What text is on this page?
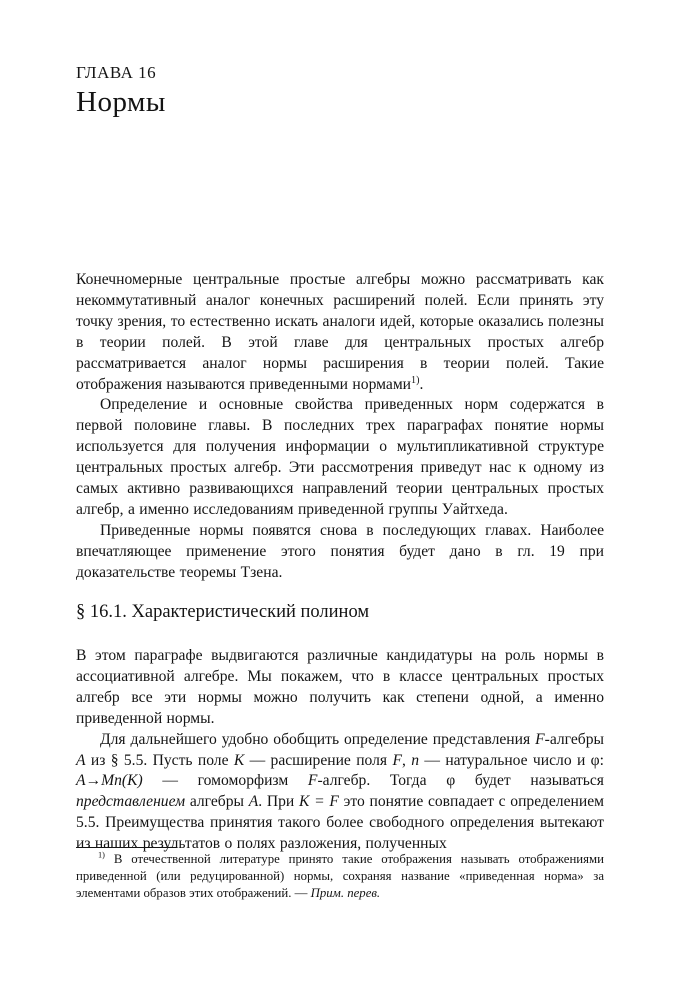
ГЛАВА 16
Нормы

Конечномерные центральные простые алгебры можно рассматривать как некоммутативный аналог конечных расширений полей. Если принять эту точку зрения, то естественно искать аналоги идей, которые оказались полезны в теории полей. В этой главе для центральных простых алгебр рассматривается аналог нормы расширения в теории полей. Такие отображения называются приведенными нормами$^{1)}$.

Определение и основные свойства приведенных норм содержатся в первой половине главы. В последних трех параграфах понятие нормы используется для получения информации о мультипликативной структуре центральных простых алгебр. Эти рассмотрения приведут нас к одному из самых активно развивающихся направлений теории центральных простых алгебр, а именно исследованиям приведенной группы Уайтхеда.

Приведенные нормы появятся снова в последующих главах. Наиболее впечатляющее применение этого понятия будет дано в гл. 19 при доказательстве теоремы Тзена.

§ 16.1. Характеристический полином

В этом параграфе выдвигаются различные кандидатуры на роль нормы в ассоциативной алгебре. Мы покажем, что в классе центральных простых алгебр все эти нормы можно получить как степени одной, а именно приведенной нормы.

Для дальнейшего удобно обобщить определение представления F-алгебры A из § 5.5. Пусть поле K — расширение поля F, n — натуральное число и φ: A→Mn(K) — гомоморфизм F-алгебр. Тогда φ будет называться представлением алгебры A. При K = F это понятие совпадает с определением 5.5. Преимущества принятия такого более свободного определения вытекают из наших результатов о полях разложения, полученных

$^{1)}$ В отечественной литературе принято такие отображения называть отображениями приведенной (или редуцированной) нормы, сохраняя название «приведенная норма» за элементами образов этих отображений. — Прим. перев.
